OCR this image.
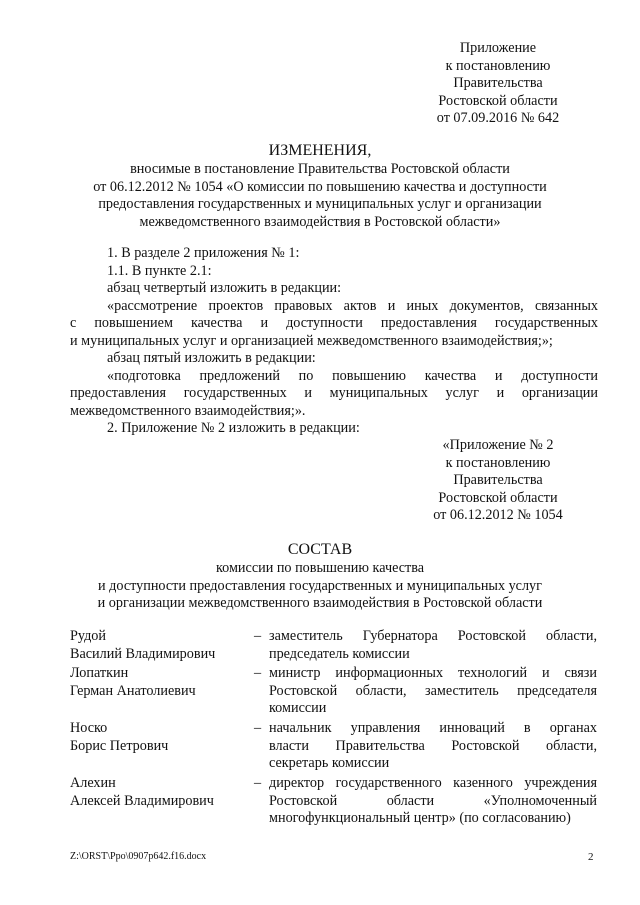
Приложение
к постановлению
Правительства
Ростовской области
от 07.09.2016 № 642
ИЗМЕНЕНИЯ,
вносимые в постановление Правительства Ростовской области
от 06.12.2012 № 1054 «О комиссии по повышению качества и доступности
предоставления государственных и муниципальных услуг и организации
межведомственного взаимодействия в Ростовской области»

1. В разделе 2 приложения № 1:

1.1. В пункте 2.1:

абзац четвертый изложить в редакции:

«рассмотрение проектов правовых актов и иных документов, связанных
с повышением качества и доступности предоставления государственных
и муниципальных услуг и организацией межведомственного взаимодействия;»;

абзац пятый изложить в редакции:

«подготовка предложений по повышению качества и доступности
предоставления государственных и муниципальных услуг и организации
межведомственного взаимодействия;».

2. Приложение № 2 изложить в редакции:

«Приложение № 2
к постановлению
Правительства
Ростовской области
от 06.12.2012 № 1054
СОСТАВ
комиссии по повышению качества
и доступности предоставления государственных и муниципальных услуг
и организации межведомственного взаимодействия в Ростовской области
Рудой
Василий Владимирович
– заместитель Губернатора Ростовской области,
председатель комиссии
Лопаткин
Герман Анатолиевич
– министр информационных технологий и связи
Ростовской области, заместитель председателя
комиссии
Носко
Борис Петрович
– начальник управления инноваций в органах
власти Правительства Ростовской области,
секретарь комиссии
Алехин
Алексей Владимирович
– директор государственного казенного учреждения
Ростовской области «Уполномоченный
многофункциональный центр» (по согласованию)
Z:\ORST\Ppo\0907p642.f16.docx	2
